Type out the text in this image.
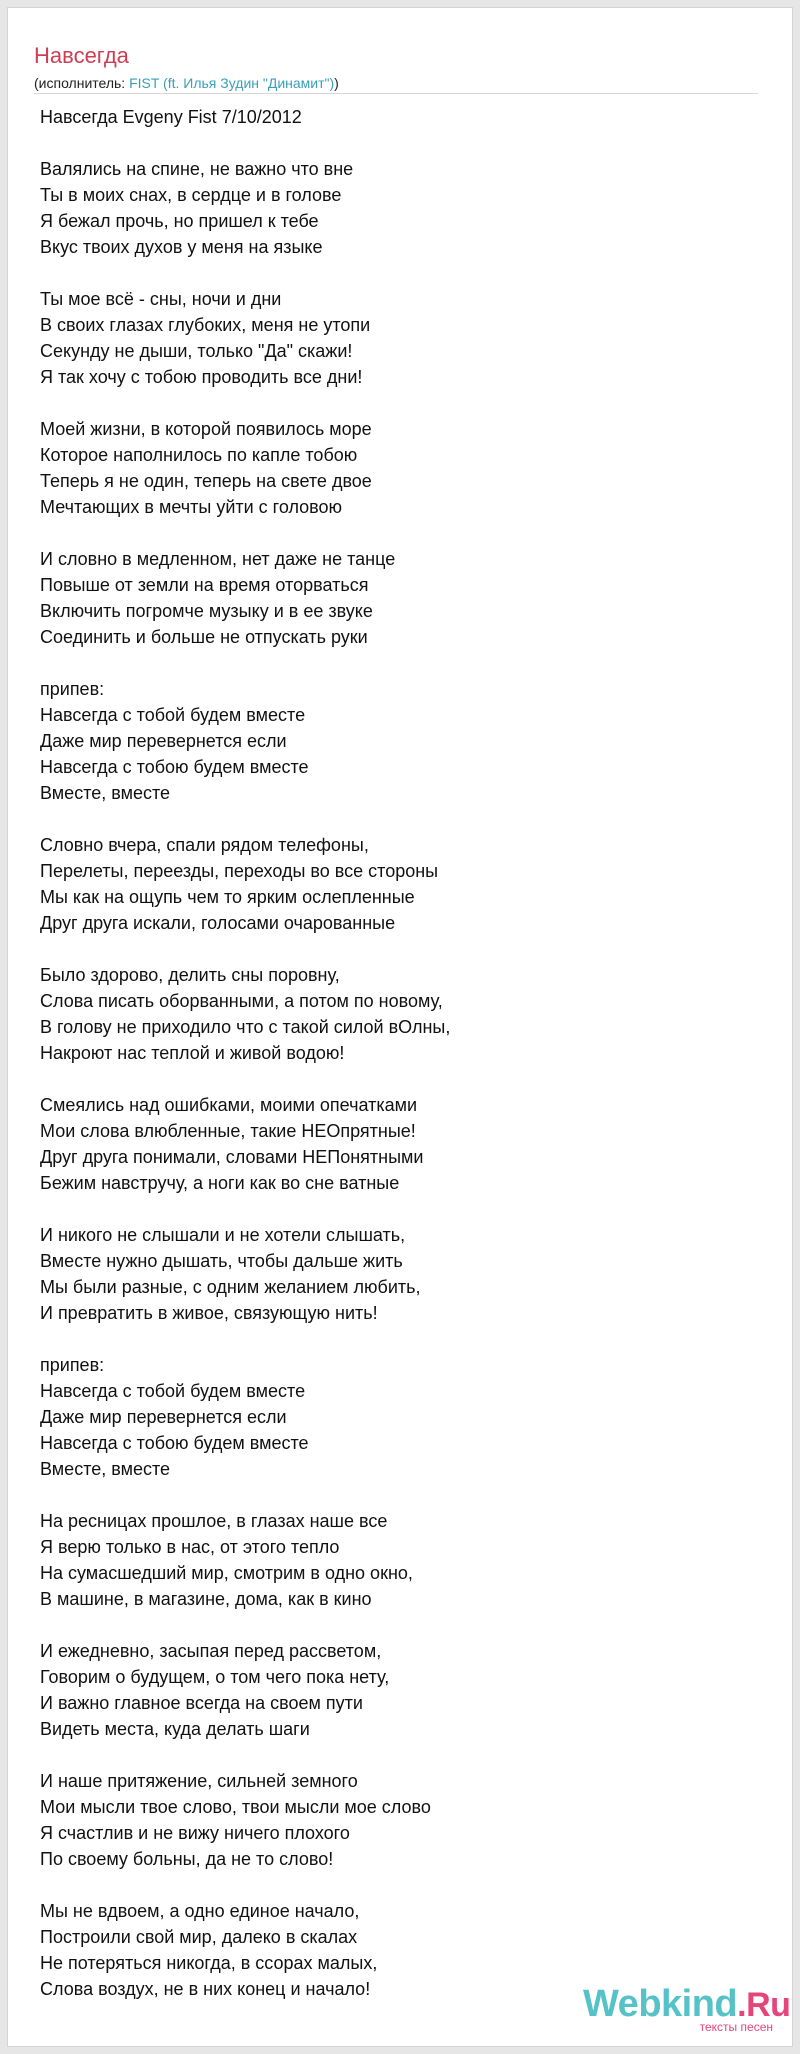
Навсегда
(исполнитель: FIST (ft. Илья Зудин "Динамит"))
Навсегда Evgeny Fist 7/10/2012
Валялись на спине, не важно что вне
Ты в моих снах, в сердце и в голове
Я бежал прочь, но пришел к тебе
Вкус твоих духов у меня на языке
Ты мое всё - сны, ночи и дни
В своих глазах глубоких, меня не утопи
Секунду не дыши, только "Да" скажи!
Я так хочу с тобою проводить все дни!
Моей жизни, в которой появилось море
Которое наполнилось по капле тобою
Теперь я не один, теперь на свете двое
Мечтающих в мечты уйти с головою
И словно в медленном, нет даже не танце
Повыше от земли на время оторваться
Включить погромче музыку и в ее звуке
Соединить и больше не отпускать руки
припев:
Навсегда с тобой будем вместе
Даже мир перевернется если
Навсегда с тобою будем вместе
Вместе, вместе
Словно вчера, спали рядом телефоны,
Перелеты, переезды, переходы во все стороны
Мы как на ощупь чем то ярким ослепленные
Друг друга искали, голосами очарованные
Было здорово, делить сны поровну,
Слова писать оборванными, а потом по новому,
В голову не приходило что с такой силой вОлны,
Накроют нас теплой и живой водою!
Смеялись над ошибками, моими опечатками
Мои слова влюбленные, такие НЕОпрятные!
Друг друга понимали, словами НЕПонятными
Бежим навстручу, а ноги как во сне ватные
И никого не слышали и не хотели слышать,
Вместе нужно дышать, чтобы дальше жить
Мы были разные, с одним желанием любить,
И превратить в живое, связующую нить!
припев:
Навсегда с тобой будем вместе
Даже мир перевернется если
Навсегда с тобою будем вместе
Вместе, вместе
На ресницах прошлое, в глазах наше все
Я верю только в нас, от этого тепло
На сумасшедший мир, смотрим в одно окно,
В машине, в магазине, дома, как в кино
И ежедневно, засыпая перед рассветом,
Говорим о будущем, о том чего пока нету,
И важно главное всегда на своем пути
Видеть места, куда делать шаги
И наше притяжение, сильней земного
Мои мысли твое слово, твои мысли мое слово
Я счастлив и не вижу ничего плохого
По своему больны, да не то слово!
Мы не вдвоем, а одно единое начало,
Построили свой мир, далеко в скалах
Не потеряться никогда, в ссорах малых,
Слова воздух, не в них конец и начало!	Webkind.Ru
тексты песен
